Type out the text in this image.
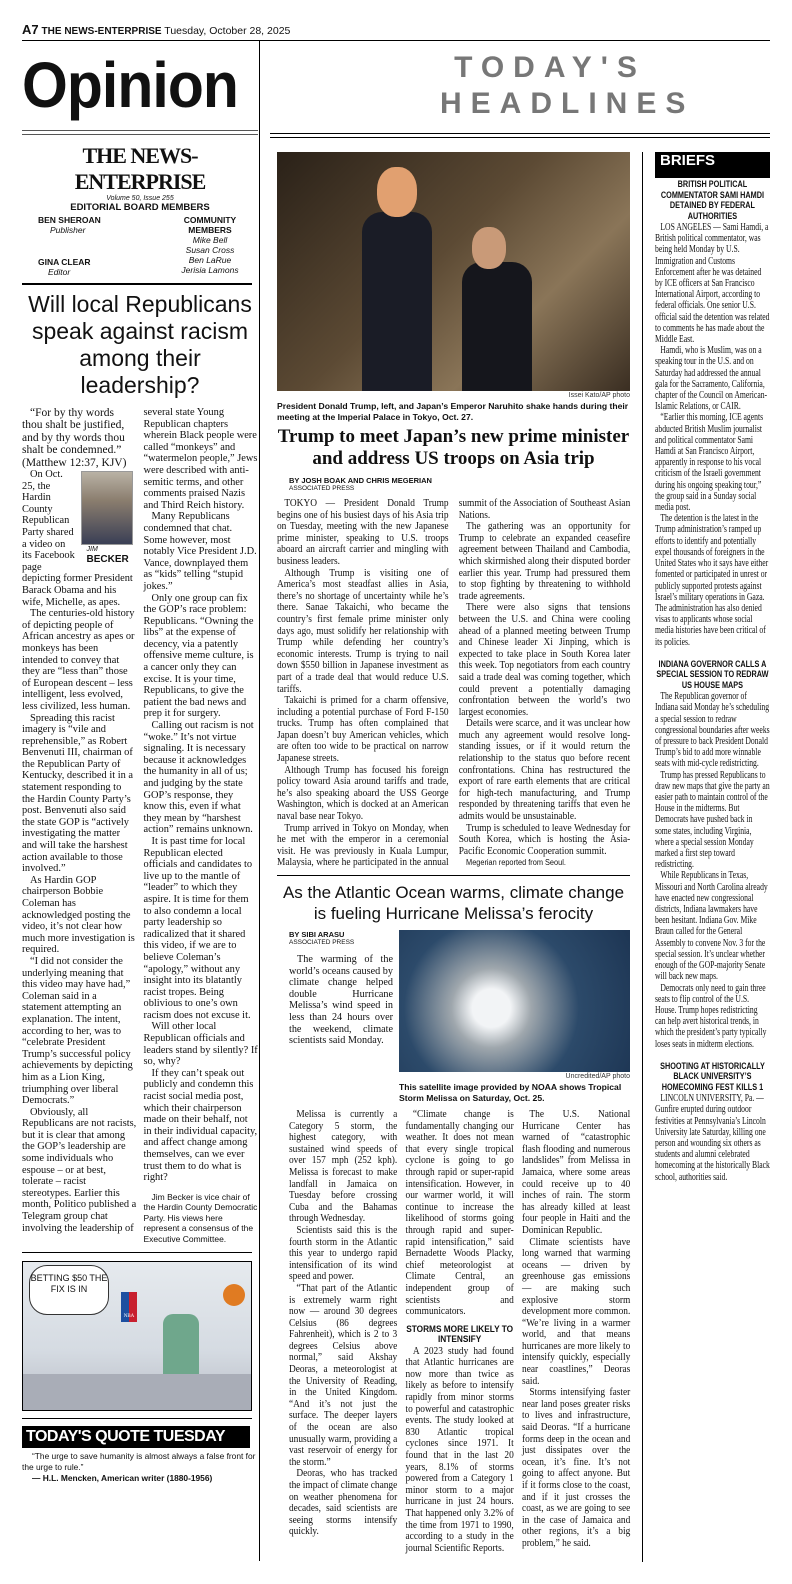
A7 THE NEWS-ENTERPRISE Tuesday, October 28, 2025
TODAY'S
HEADLINES
Opinion
THE NEWS-ENTERPRISE
Volume 50, Issue 255
EDITORIAL BOARD MEMBERS
BEN SHEROAN
Publisher
GINA CLEAR
Editor
COMMUNITY MEMBERS
Mike Bell
Susan Cross
Ben LaRue
Jerisia Lamons
Will local Republicans speak against racism among their leadership?

“For by thy words thou shalt be justified, and by thy words thou shalt be condemned.” (Matthew 12:37, KJV)

JIM
BECKER

On Oct. 25, the Hardin County Republican Party shared a video on its Facebook page depicting former President Barack Obama and his wife, Michelle, as apes.

The centuries-old history of depicting people of African ancestry as apes or monkeys has been intended to convey that they are “less than” those of European descent – less intelligent, less evolved, less civilized, less human.

Spreading this racist imagery is “vile and reprehensible,” as Robert Benvenuti III, chairman of the Republican Party of Kentucky, described it in a statement responding to the Hardin County Party’s post. Benvenuti also said the state GOP is “actively investigating the matter and will take the harshest action available to those involved.”

As Hardin GOP chairperson Bobbie Coleman has acknowledged posting the video, it’s not clear how much more investigation is required.

“I did not consider the underlying meaning that this video may have had,” Coleman said in a statement attempting an explanation. The intent, according to her, was to “celebrate President Trump’s successful policy achievements by depicting him as a Lion King, triumphing over liberal Democrats.”

Obviously, all Republicans are not racists, but it is clear that among the GOP’s leadership are some individuals who espouse – or at best, tolerate – racist stereotypes. Earlier this month, Politico published a Telegram group chat involving the leadership of several state Young Republican chapters wherein Black people were called “monkeys” and “watermelon people,” Jews were described with anti-semitic terms, and other comments praised Nazis and Third Reich history.

Many Republicans condemned that chat. Some however, most notably Vice President J.D. Vance, downplayed them as “kids” telling “stupid jokes.”

Only one group can fix the GOP’s race problem: Republicans. “Owning the libs” at the expense of decency, via a patently offensive meme culture, is a cancer only they can excise. It is your time, Republicans, to give the patient the bad news and prep it for surgery.

Calling out racism is not “woke.” It’s not virtue signaling. It is necessary because it acknowledges the humanity in all of us; and judging by the state GOP’s response, they know this, even if what they mean by “harshest action” remains unknown.

It is past time for local Republican elected officials and candidates to live up to the mantle of “leader” to which they aspire. It is time for them to also condemn a local party leadership so radicalized that it shared this video, if we are to believe Coleman’s “apology,” without any insight into its blatantly racist tropes. Being oblivious to one’s own racism does not excuse it.

Will other local Republican officials and leaders stand by silently? If so, why?

If they can’t speak out publicly and condemn this racist social media post, which their chairperson made on their behalf, not in their individual capacity, and affect change among themselves, can we ever trust them to do what is right?

Jim Becker is vice chair of the Hardin County Democratic Party. His views here represent a consensus of the Executive Committee.

BETTING $50 THE FIX IS IN
NBA
TODAY'S QUOTE TUESDAY
“The urge to save humanity is almost always a false front for the urge to rule.”
— H.L. Mencken, American writer (1880-1956)
Issei Kato/AP photo
President Donald Trump, left, and Japan’s Emperor Naruhito shake hands during their meeting at the Imperial Palace in Tokyo, Oct. 27.
Trump to meet Japan’s new prime minister and address US troops on Asia trip
BY JOSH BOAK AND CHRIS MEGERIAN
ASSOCIATED PRESS

TOKYO — President Donald Trump begins one of his busiest days of his Asia trip on Tuesday, meeting with the new Japanese prime minister, speaking to U.S. troops aboard an aircraft carrier and mingling with business leaders.

Although Trump is visiting one of America’s most steadfast allies in Asia, there’s no shortage of uncertainty while he’s there. Sanae Takaichi, who became the country’s first female prime minister only days ago, must solidify her relationship with Trump while defending her country’s economic interests. Trump is trying to nail down $550 billion in Japanese investment as part of a trade deal that would reduce U.S. tariffs.

Takaichi is primed for a charm offensive, including a potential purchase of Ford F-150 trucks. Trump has often complained that Japan doesn’t buy American vehicles, which are often too wide to be practical on narrow Japanese streets.

Although Trump has focused his foreign policy toward Asia around tariffs and trade, he’s also speaking aboard the USS George Washington, which is docked at an American naval base near Tokyo.

Trump arrived in Tokyo on Monday, when he met with the emperor in a ceremonial visit. He was previously in Kuala Lumpur, Malaysia, where he participated in the annual summit of the Association of Southeast Asian Nations.

The gathering was an opportunity for Trump to celebrate an expanded ceasefire agreement between Thailand and Cambodia, which skirmished along their disputed border earlier this year. Trump had pressured them to stop fighting by threatening to withhold trade agreements.

There were also signs that tensions between the U.S. and China were cooling ahead of a planned meeting between Trump and Chinese leader Xi Jinping, which is expected to take place in South Korea later this week. Top negotiators from each country said a trade deal was coming together, which could prevent a potentially damaging confrontation between the world’s two largest economies.

Details were scarce, and it was unclear how much any agreement would resolve long-standing issues, or if it would return the relationship to the status quo before recent confrontations. China has restructured the export of rare earth elements that are critical for high-tech manufacturing, and Trump responded by threatening tariffs that even he admits would be unsustainable.

Trump is scheduled to leave Wednesday for South Korea, which is hosting the Asia-Pacific Economic Cooperation summit.

Megerian reported from Seoul.

As the Atlantic Ocean warms, climate change is fueling Hurricane Melissa’s ferocity
BY SIBI ARASU
ASSOCIATED PRESS

The warming of the world’s oceans caused by climate change helped double Hurricane Melissa’s wind speed in less than 24 hours over the weekend, climate scientists said Monday.

Uncredited/AP photo
This satellite image provided by NOAA shows Tropical Storm Melissa on Saturday, Oct. 25.

Melissa is currently a Category 5 storm, the highest category, with sustained wind speeds of over 157 mph (252 kph). Melissa is forecast to make landfall in Jamaica on Tuesday before crossing Cuba and the Bahamas through Wednesday.

Scientists said this is the fourth storm in the Atlantic this year to undergo rapid intensification of its wind speed and power.

“That part of the Atlantic is extremely warm right now — around 30 degrees Celsius (86 degrees Fahrenheit), which is 2 to 3 degrees Celsius above normal,” said Akshay Deoras, a meteorologist at the University of Reading, in the United Kingdom. “And it’s not just the surface. The deeper layers of the ocean are also unusually warm, providing a vast reservoir of energy for the storm.”

Deoras, who has tracked the impact of climate change on weather phenomena for decades, said scientists are seeing storms intensify quickly.

“Climate change is fundamentally changing our weather. It does not mean that every single tropical cyclone is going to go through rapid or super-rapid intensification. However, in our warmer world, it will continue to increase the likelihood of storms going through rapid and super-rapid intensification,” said Bernadette Woods Placky, chief meteorologist at Climate Central, an independent group of scientists and communicators.

STORMS MORE LIKELY TO INTENSIFY

A 2023 study had found that Atlantic hurricanes are now more than twice as likely as before to intensify rapidly from minor storms to powerful and catastrophic events. The study looked at 830 Atlantic tropical cyclones since 1971. It found that in the last 20 years, 8.1% of storms powered from a Category 1 minor storm to a major hurricane in just 24 hours. That happened only 3.2% of the time from 1971 to 1990, according to a study in the journal Scientific Reports.

The U.S. National Hurricane Center has warned of “catastrophic flash flooding and numerous landslides” from Melissa in Jamaica, where some areas could receive up to 40 inches of rain. The storm has already killed at least four people in Haiti and the Dominican Republic.

Climate scientists have long warned that warming oceans — driven by greenhouse gas emissions — are making such explosive storm development more common. “We’re living in a warmer world, and that means hurricanes are more likely to intensify quickly, especially near coastlines,” Deoras said.

Storms intensifying faster near land poses greater risks to lives and infrastructure, said Deoras. “If a hurricane forms deep in the ocean and just dissipates over the ocean, it’s fine. It’s not going to affect anyone. But if it forms close to the coast, and if it just crosses the coast, as we are going to see in the case of Jamaica and other regions, it’s a big problem,” he said.

BRIEFS
BRITISH POLITICAL COMMENTATOR SAMI HAMDI DETAINED BY FEDERAL AUTHORITIES

LOS ANGELES — Sami Hamdi, a British political commentator, was being held Monday by U.S. Immigration and Customs Enforcement after he was detained by ICE officers at San Francisco International Airport, according to federal officials. One senior U.S. official said the detention was related to comments he has made about the Middle East.

Hamdi, who is Muslim, was on a speaking tour in the U.S. and on Saturday had addressed the annual gala for the Sacramento, California, chapter of the Council on American-Islamic Relations, or CAIR.

“Earlier this morning, ICE agents abducted British Muslim journalist and political commentator Sami Hamdi at San Francisco Airport, apparently in response to his vocal criticism of the Israeli government during his ongoing speaking tour,” the group said in a Sunday social media post.

The detention is the latest in the Trump administration’s ramped up efforts to identify and potentially expel thousands of foreigners in the United States who it says have either fomented or participated in unrest or publicly supported protests against Israel’s military operations in Gaza. The administration has also denied visas to applicants whose social media histories have been critical of its policies.

INDIANA GOVERNOR CALLS A SPECIAL SESSION TO REDRAW US HOUSE MAPS

The Republican governor of Indiana said Monday he’s scheduling a special session to redraw congressional boundaries after weeks of pressure to back President Donald Trump’s bid to add more winnable seats with mid-cycle redistricting.

Trump has pressed Republicans to draw new maps that give the party an easier path to maintain control of the House in the midterms. But Democrats have pushed back in some states, including Virginia, where a special session Monday marked a first step toward redistricting.

While Republicans in Texas, Missouri and North Carolina already have enacted new congressional districts, Indiana lawmakers have been hesitant. Indiana Gov. Mike Braun called for the General Assembly to convene Nov. 3 for the special session. It’s unclear whether enough of the GOP-majority Senate will back new maps.

Democrats only need to gain three seats to flip control of the U.S. House. Trump hopes redistricting can help avert historical trends, in which the president’s party typically loses seats in midterm elections.

SHOOTING AT HISTORICALLY BLACK UNIVERSITY’S HOMECOMING FEST KILLS 1

LINCOLN UNIVERSITY, Pa. — Gunfire erupted during outdoor festivities at Pennsylvania’s Lincoln University late Saturday, killing one person and wounding six others as students and alumni celebrated homecoming at the historically Black school, authorities said.
